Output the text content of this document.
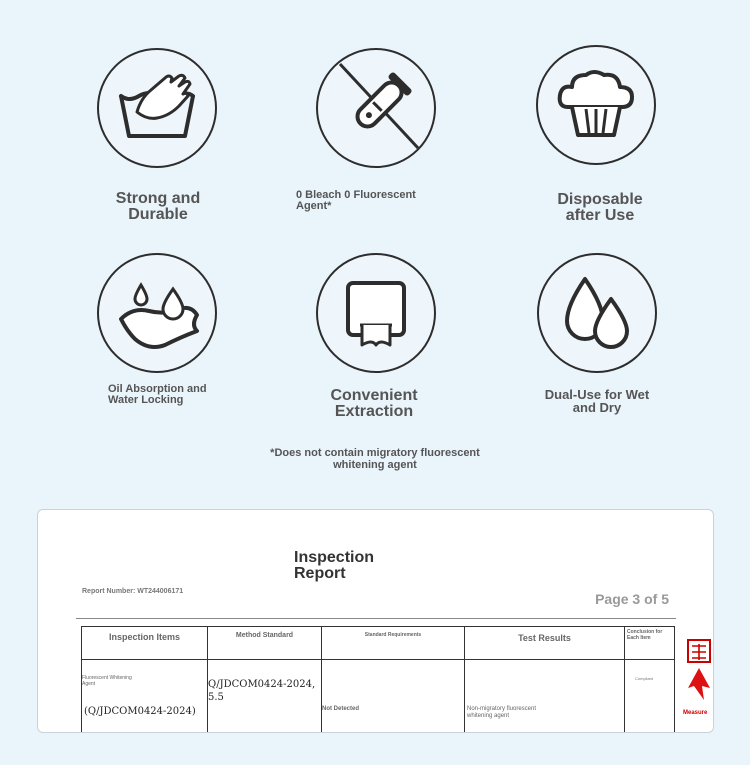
Strong and Durable
0 Bleach 0 Fluorescent Agent*	Disposable after Use
Oil Absorption and Water Locking	Convenient Extraction
Dual-Use for Wet and Dry
*Does not contain migratory fluorescent whitening agent
Inspection Report
Report Number: WT244006171	Page 3 of 5
Inspection Items	Method Standard	Standard Requirements	Test Results	Conclusion for Each Item

Fluorescent Whitening Agent
(Q/JDCOM0424-2024)	Q/JDCOM0424-2024, 5.5	Not Detected	Non-migratory fluorescent whitening agent	Compliant
Measure
